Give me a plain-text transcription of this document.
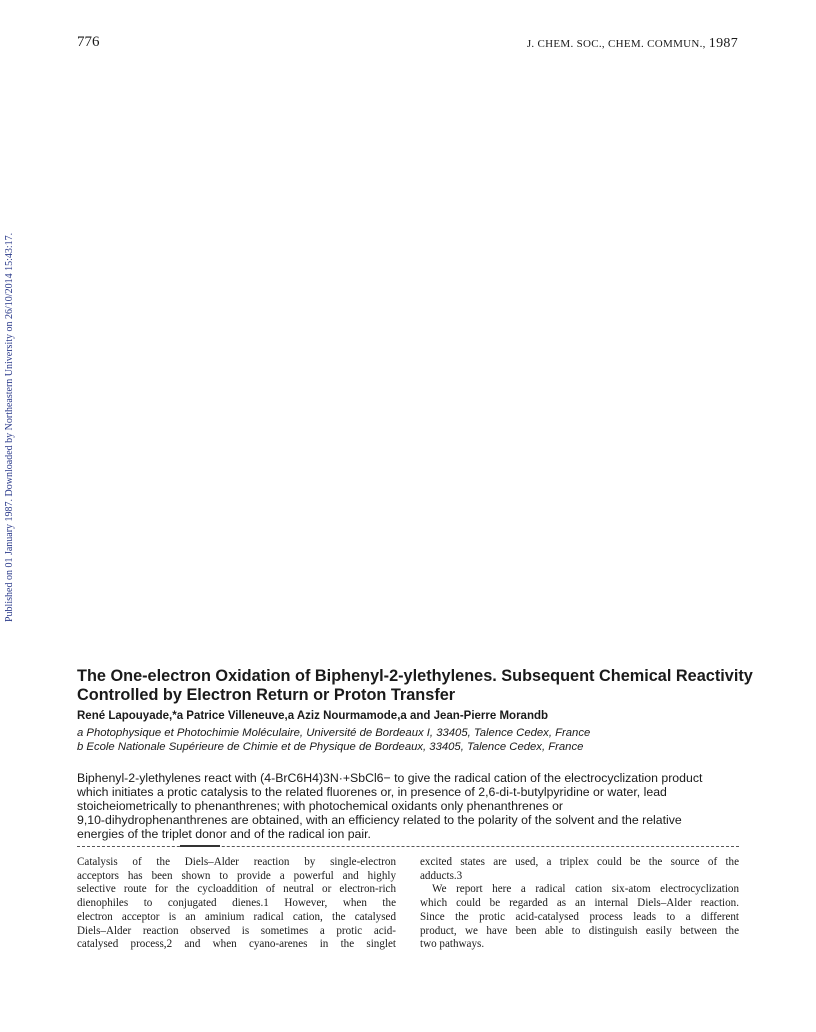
776	J. CHEM. SOC., CHEM. COMMUN., 1987
Published on 01 January 1987. Downloaded by Northeastern University on 26/10/2014 15:43:17.
The One-electron Oxidation of Biphenyl-2-ylethylenes. Subsequent Chemical Reactivity Controlled by Electron Return or Proton Transfer
René Lapouyade,*a Patrice Villeneuve,a Aziz Nourmamode,a and Jean-Pierre Morandb
a Photophysique et Photochimie Moléculaire, Université de Bordeaux I, 33405, Talence Cedex, France
b Ecole Nationale Supérieure de Chimie et de Physique de Bordeaux, 33405, Talence Cedex, France
Biphenyl-2-ylethylenes react with (4-BrC6H4)3N·+SbCl6− to give the radical cation of the electrocyclization product
which initiates a protic catalysis to the related fluorenes or, in presence of 2,6-di-t-butylpyridine or water, lead
stoicheiometrically to phenanthrenes; with photochemical oxidants only phenanthrenes or
9,10-dihydrophenanthrenes are obtained, with an efficiency related to the polarity of the solvent and the relative
energies of the triplet donor and of the radical ion pair.
Catalysis of the Diels–Alder reaction by single-electron
acceptors has been shown to provide a powerful and highly
selective route for the cycloaddition of neutral or electron-rich
dienophiles to conjugated dienes.1 However, when the
electron acceptor is an aminium radical cation, the catalysed
Diels–Alder reaction observed is sometimes a protic acid-
catalysed process,2 and when cyano-arenes in the singlet
excited states are used, a triplex could be the source of the
adducts.3
We report here a radical cation six-atom electrocyclization
which could be regarded as an internal Diels–Alder reaction.
Since the protic acid-catalysed process leads to a different
product, we have been able to distinguish easily between the
two pathways.
